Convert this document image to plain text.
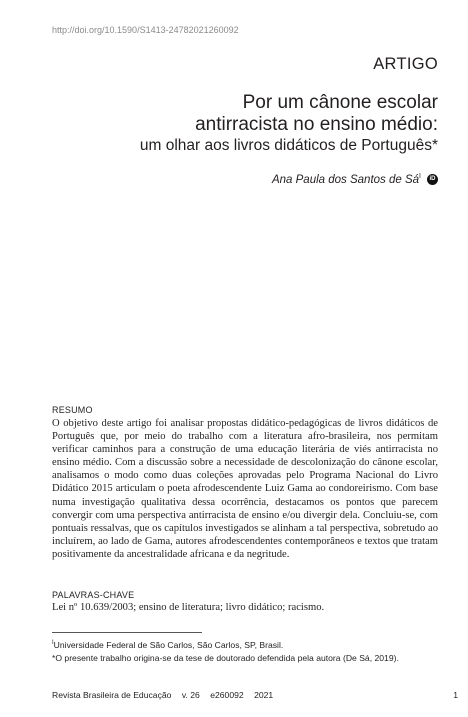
http://doi.org/10.1590/S1413-24782021260092
ARTIGO
Por um cânone escolar
antirracista no ensino médio:
um olhar aos livros didáticos de Português*
Ana Paula dos Santos de $Sá^I$	iD
RESUMO
O objetivo deste artigo foi analisar propostas didático-pedagógicas de livros didáticos de Português que, por meio do trabalho com a literatura afro-brasileira, nos permitam verificar caminhos para a construção de uma educação literária de viés antirracista no ensino médio. Com a discussão sobre a necessidade de descolonização do cânone escolar, analisamos o modo como duas coleções aprovadas pelo Programa Nacional do Livro Didático 2015 articulam o poeta afrodescendente Luiz Gama ao condoreirismo. Com base numa investigação qualitativa dessa ocorrência, destacamos os pontos que parecem convergir com uma perspectiva antirracista de ensino e/ou divergir dela. Concluiu-se, com pontuais ressalvas, que os capítulos investigados se alinham a tal perspectiva, sobretudo ao incluírem, ao lado de Gama, autores afrodescendentes contemporâneos e textos que tratam positivamente da ancestralidade africana e da negritude.
PALAVRAS-CHAVE
Lei nº 10.639/2003; ensino de literatura; livro didático; racismo.
$^I$Universidade Federal de São Carlos, São Carlos, SP, Brasil.
*O presente trabalho origina-se da tese de doutorado defendida pela autora (De Sá, 2019).
Revista Brasileira de Educação v. 26 e260092 2021	1
